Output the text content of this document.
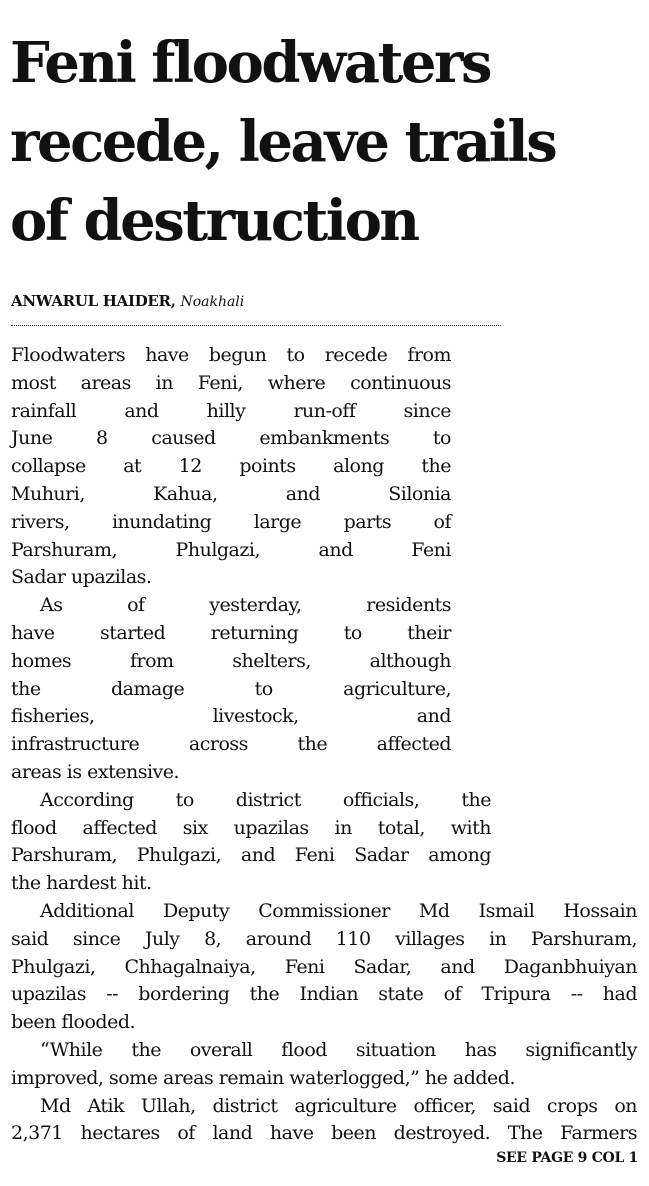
Feni floodwaters
recede, leave trails
of destruction
ANWARUL HAIDER, Noakhali
Floodwaters have begun to recede from
most areas in Feni, where continuous
rainfall and hilly run-off since
June 8 caused embankments to
collapse at 12 points along the
Muhuri, Kahua, and Silonia
rivers, inundating large parts of
Parshuram, Phulgazi, and Feni
Sadar upazilas.
As of yesterday, residents
have started returning to their
homes from shelters, although
the damage to agriculture,
fisheries, livestock, and
infrastructure across the affected
areas is extensive.
According to district officials, the
flood affected six upazilas in total, with
Parshuram, Phulgazi, and Feni Sadar among
the hardest hit.
Additional Deputy Commissioner Md Ismail Hossain
said since July 8, around 110 villages in Parshuram,
Phulgazi, Chhagalnaiya, Feni Sadar, and Daganbhuiyan
upazilas -- bordering the Indian state of Tripura -- had
been flooded.
“While the overall flood situation has significantly
improved, some areas remain waterlogged,” he added.
Md Atik Ullah, district agriculture officer, said crops on
2,371 hectares of land have been destroyed. The Farmers
SEE PAGE 9 COL 1
